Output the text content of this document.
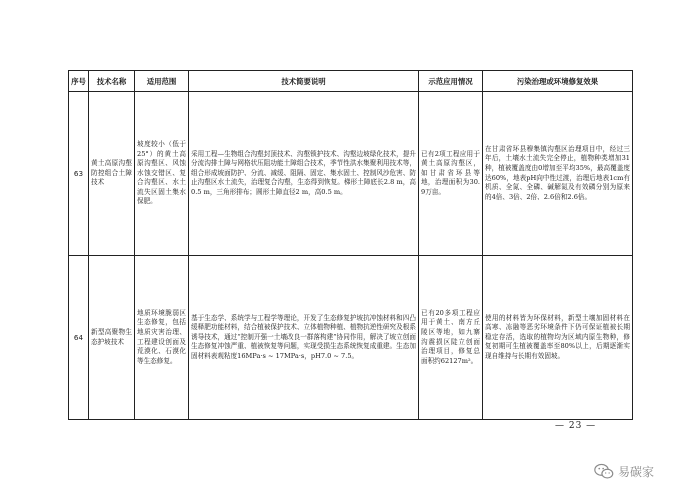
序号	技术名称	适用范围	技术简要说明	示范应用情况	污染治理或环境修复效果
63	黄土高原沟壑防控组合土障技术	坡度较小（低于25°）的黄土高原沟壑区、风蚀水蚀交错区、复合沟壑区、水土流失区固土集水保肥。	采用工程—生物组合沟壑封顶技术、沟壑锁护技术、沟壑边坡绿化技术，提升分流沟排土障与网格状压阻功能土障组合技术，季节性洪水集聚利用技术等，组合形成坡面防护、分流、减缓、阻隔、固定、集水固土、控制风沙危害、防止沟壑区水土流失，治理复合沟壑，生态得到恢复。梯形土障底长2.8 m，高0.5 m，三角形排布；圆形土障直径2 m，高0.5 m。	已有2项工程应用于黄土高原沟壑区，如甘肃省环县等地，治理面积为30.9万亩。	在甘肃省环县穆集镇沟壑区治理项目中，经过三年后，土壤水土流失完全停止，植物种类增加31种，植被覆盖度由0增加至平均35%，最高覆盖度达60%，地表pH向中性过渡，治理后地表1cm有机质、全氮、全磷、碱解氮及有效磷分别为原来的4倍、3倍、2倍、2.6倍和2.6倍。
64	新型高聚物生态护坡技术	地质环境脆弱区生态修复，包括地质灾害治理、工程建设创面及荒漠化、石漠化等生态修复。	基于生态学、系统学与工程学等理论，开发了生态修复护坡抗冲蚀材料和四凸缓释肥功能材料，结合植被保护技术、立体植物种植、植物抗逆性研究及根系诱导技术，通过“控制开强一土壤改良一群落构建”协同作用，解决了坡立创面生态修复冲蚀严重、植被恢复等问题，实现受损生态系统恢复成重建。生态加固材料表观粘度16MPa·s ~ 17MPa·s，pH7.0 ~ 7.5。	已有20多项工程应用于黄土、南方丘陵区等地，如九寨沟震损区陡立创面治理项目，修复总面积约62127m²。	使用的材料皆为环保材料，新型土壤加固材料在高寒、冻融等恶劣环境条件下仍可保证植被长期稳定存活，选取的植物均为区域内原生物种，修复初期可生植被覆盖率至80%以上，后期逐渐实现自维持与长期有效固坡。
— 23 —
易碳家
